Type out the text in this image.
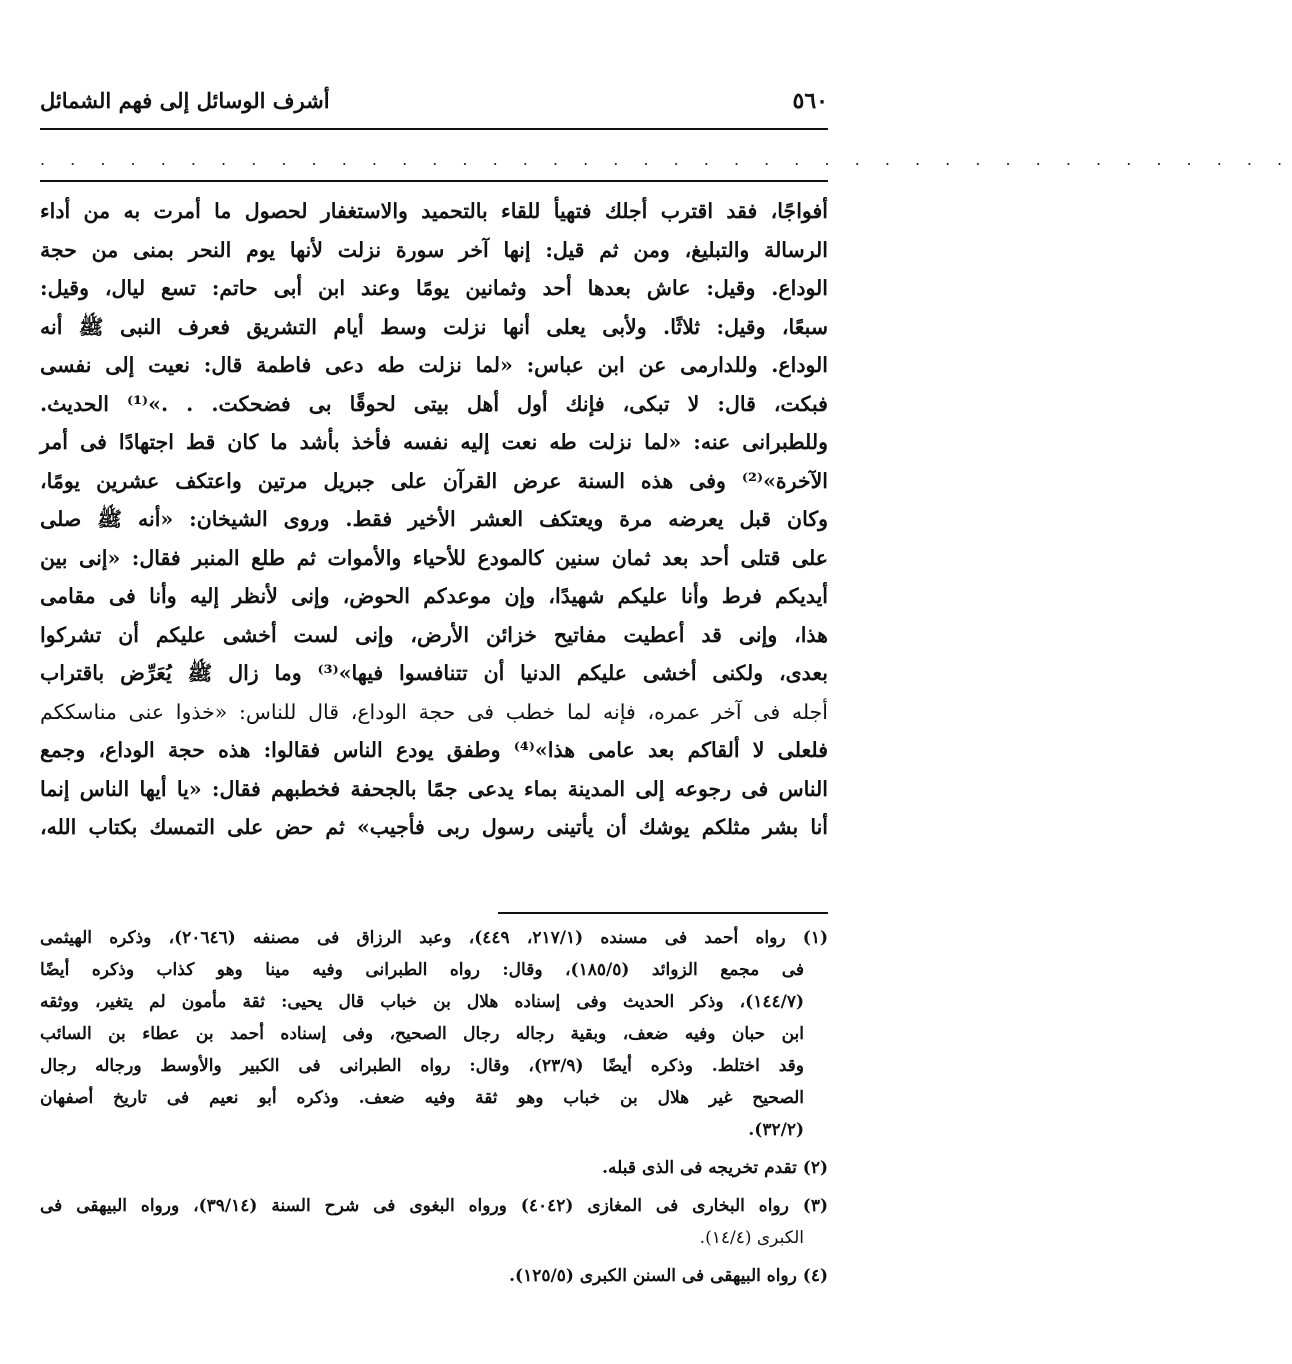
٥٦٠
أشرف الوسائل إلى فهم الشمائل
. . . . . . . . . . . . . . . . . . . . . . . . . . . . . . . . . . . . . . . . . .
أفواجًا، فقد اقترب أجلك فتهيأ للقاء بالتحميد والاستغفار لحصول ما أمرت به من أداء
الرسالة والتبليغ، ومن ثم قيل: إنها آخر سورة نزلت لأنها يوم النحر بمنى من حجة
الوداع. وقيل: عاش بعدها أحد وثمانين يومًا وعند ابن أبى حاتم: تسع ليال، وقيل:
سبعًا، وقيل: ثلاثًا. ولأبى يعلى أنها نزلت وسط أيام التشريق فعرف النبى ﷺ أنه
الوداع. وللدارمى عن ابن عباس: «لما نزلت طه دعى فاطمة قال: نعيت إلى نفسى
فبكت، قال: لا تبكى، فإنك أول أهل بيتى لحوقًا بى فضحكت. . .»⁽¹⁾ الحديث.
وللطبرانى عنه: «لما نزلت طه نعت إليه نفسه فأخذ بأشد ما كان قط اجتهادًا فى أمر
الآخرة»⁽²⁾ وفى هذه السنة عرض القرآن على جبريل مرتين واعتكف عشرين يومًا،
وكان قبل يعرضه مرة ويعتكف العشر الأخير فقط. وروى الشيخان: «أنه ﷺ صلى
على قتلى أحد بعد ثمان سنين كالمودع للأحياء والأموات ثم طلع المنبر فقال: «إنى بين
أيديكم فرط وأنا عليكم شهيدًا، وإن موعدكم الحوض، وإنى لأنظر إليه وأنا فى مقامى
هذا، وإنى قد أعطيت مفاتيح خزائن الأرض، وإنى لست أخشى عليكم أن تشركوا
بعدى، ولكنى أخشى عليكم الدنيا أن تتنافسوا فيها»⁽³⁾ وما زال ﷺ يُعَرِّض باقتراب
أجله فى آخر عمره، فإنه لما خطب فى حجة الوداع، قال للناس: «خذوا عنى مناسككم
فلعلى لا ألقاكم بعد عامى هذا»⁽⁴⁾ وطفق يودع الناس فقالوا: هذه حجة الوداع، وجمع
الناس فى رجوعه إلى المدينة بماء يدعى جمًا بالجحفة فخطبهم فقال: «يا أيها الناس إنما
أنا بشر مثلكم يوشك أن يأتينى رسول ربى فأجيب» ثم حض على التمسك بكتاب الله،
(١) رواه أحمد فى مسنده (٢١٧/١، ٤٤٩)، وعبد الرزاق فى مصنفه (٢٠٦٤٦)، وذكره الهيثمى
فى مجمع الزوائد (١٨٥/٥)، وقال: رواه الطبرانى وفيه مينا وهو كذاب وذكره أيضًا
(١٤٤/٧)، وذكر الحديث وفى إسناده هلال بن خباب قال يحيى: ثقة مأمون لم يتغير، ووثقه
ابن حبان وفيه ضعف، وبقية رجاله رجال الصحيح، وفى إسناده أحمد بن عطاء بن السائب
وقد اختلط. وذكره أيضًا (٢٣/٩)، وقال: رواه الطبرانى فى الكبير والأوسط ورجاله رجال
الصحيح غير هلال بن خباب وهو ثقة وفيه ضعف. وذكره أبو نعيم فى تاريخ أصفهان
(٣٢/٢).
(٢) تقدم تخريجه فى الذى قبله.
(٣) رواه البخارى فى المغازى (٤٠٤٢) ورواه البغوى فى شرح السنة (٣٩/١٤)، ورواه البيهقى فى
الكبرى (١٤/٤).
(٤) رواه البيهقى فى السنن الكبرى (١٢٥/٥).
